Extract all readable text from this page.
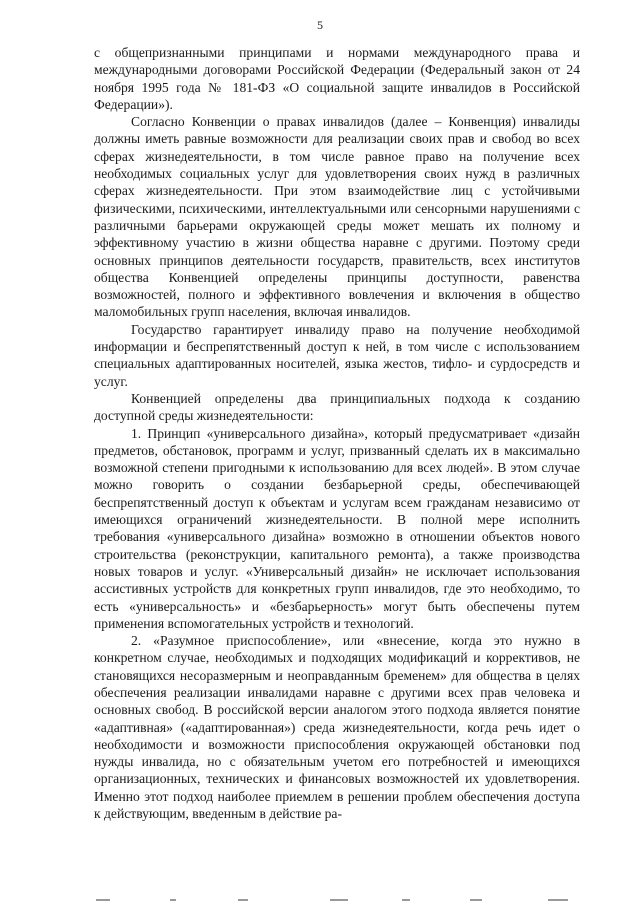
5

с общепризнанными принципами и нормами международного права и международными договорами Российской Федерации (Федеральный закон от 24 ноября 1995 года № 181-ФЗ «О социальной защите инвалидов в Российской Федерации»).

Согласно Конвенции о правах инвалидов (далее – Конвенция) инвалиды должны иметь равные возможности для реализации своих прав и свобод во всех сферах жизнедеятельности, в том числе равное право на получение всех необходимых социальных услуг для удовлетворения своих нужд в различных сферах жизнедеятельности. При этом взаимодействие лиц с устойчивыми физическими, психическими, интеллектуальными или сенсорными нарушениями с различными барьерами окружающей среды может мешать их полному и эффективному участию в жизни общества наравне с другими. Поэтому среди основных принципов деятельности государств, правительств, всех институтов общества Конвенцией определены принципы доступности, равенства возможностей, полного и эффективного вовлечения и включения в общество маломобильных групп населения, включая инвалидов.

Государство гарантирует инвалиду право на получение необходимой информации и беспрепятственный доступ к ней, в том числе с использованием специальных адаптированных носителей, языка жестов, тифло- и сурдосредств и услуг.

Конвенцией определены два принципиальных подхода к созданию доступной среды жизнедеятельности:

1. Принцип «универсального дизайна», который предусматривает «дизайн предметов, обстановок, программ и услуг, призванный сделать их в максимально возможной степени пригодными к использованию для всех людей». В этом случае можно говорить о создании безбарьерной среды, обеспечивающей беспрепятственный доступ к объектам и услугам всем гражданам независимо от имеющихся ограничений жизнедеятельности. В полной мере исполнить требования «универсального дизайна» возможно в отношении объектов нового строительства (реконструкции, капитального ремонта), а также производства новых товаров и услуг. «Универсальный дизайн» не исключает использования ассистивных устройств для конкретных групп инвалидов, где это необходимо, то есть «универсальность» и «безбарьерность» могут быть обеспечены путем применения вспомогательных устройств и технологий.

2. «Разумное приспособление», или «внесение, когда это нужно в конкретном случае, необходимых и подходящих модификаций и коррективов, не становящихся несоразмерным и неоправданным бременем» для общества в целях обеспечения реализации инвалидами наравне с другими всех прав человека и основных свобод. В российской версии аналогом этого подхода является понятие «адаптивная» («адаптированная») среда жизнедеятельности, когда речь идет о необходимости и возможности приспособления окружающей обстановки под нужды инвалида, но с обязательным учетом его потребностей и имеющихся организационных, технических и финансовых возможностей их удовлетворения. Именно этот подход наиболее приемлем в решении проблем обеспечения доступа к действующим, введенным в действие ра-
